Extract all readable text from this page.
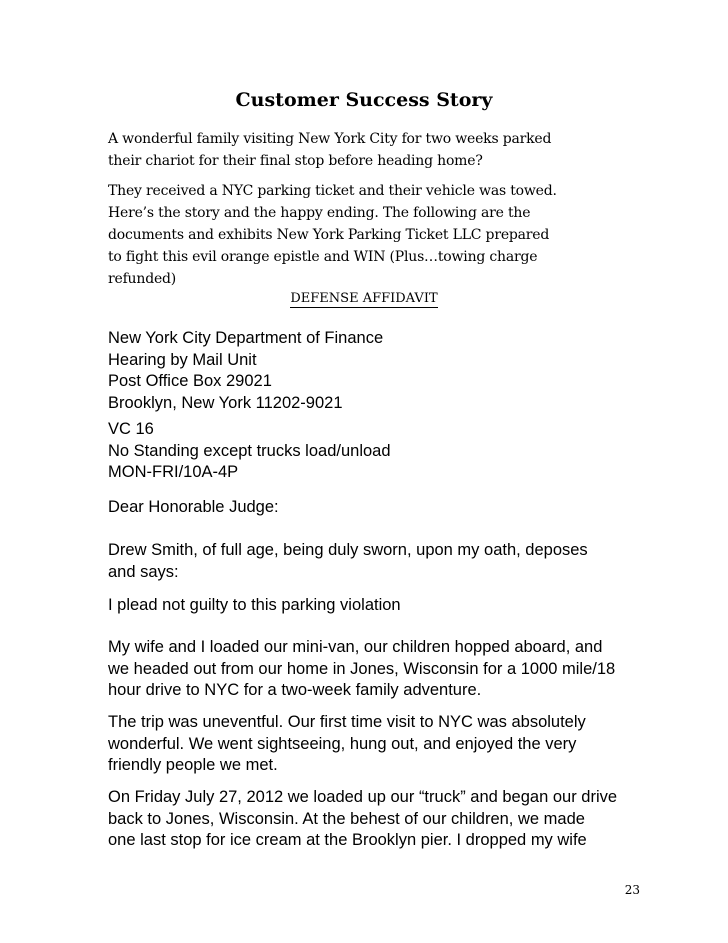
Customer Success Story
A wonderful family visiting New York City for two weeks parked
their chariot for their final stop before heading home?
They received a NYC parking ticket and their vehicle was towed.
Here’s the story and the happy ending. The following are the
documents and exhibits New York Parking Ticket LLC prepared
to fight this evil orange epistle and WIN (Plus…towing charge
refunded)
DEFENSE AFFIDAVIT
New York City Department of Finance
Hearing by Mail Unit
Post Office Box 29021
Brooklyn, New York 11202-9021
VC 16
No Standing except trucks load/unload
MON-FRI/10A-4P
Dear Honorable Judge:
Drew Smith, of full age, being duly sworn, upon my oath, deposes
and says:
I plead not guilty to this parking violation
My wife and I loaded our mini-van, our children hopped aboard, and
we headed out from our home in Jones, Wisconsin for a 1000 mile/18
hour drive to NYC for a two-week family adventure.
The trip was uneventful. Our first time visit to NYC was absolutely
wonderful. We went sightseeing, hung out, and enjoyed the very
friendly people we met.
On Friday July 27, 2012 we loaded up our “truck” and began our drive
back to Jones, Wisconsin. At the behest of our children, we made
one last stop for ice cream at the Brooklyn pier. I dropped my wife
23
